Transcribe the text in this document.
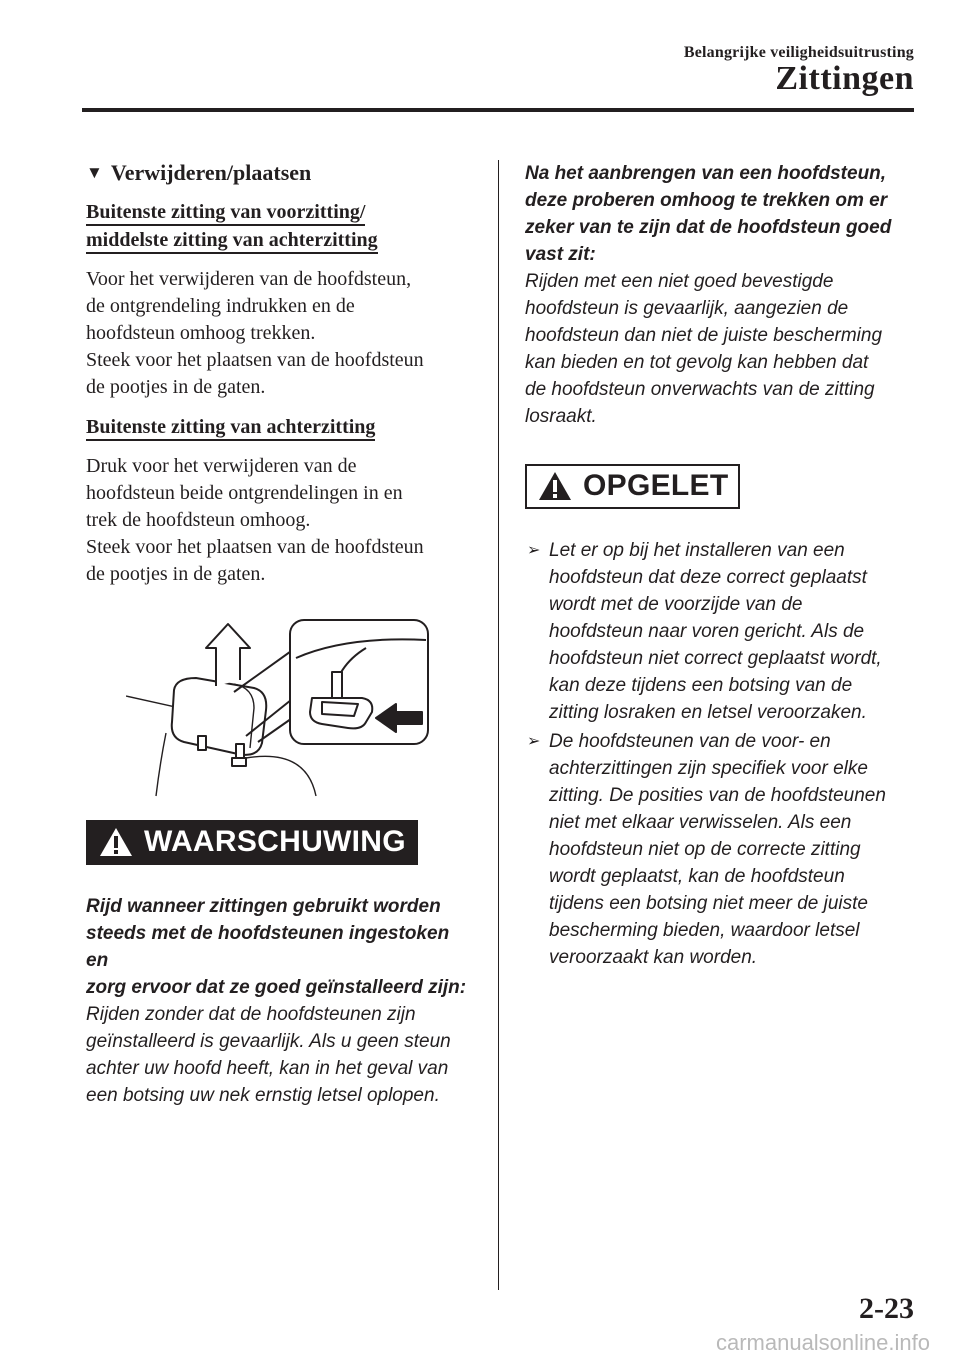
Belangrijke veiligheidsuitrusting
Zittingen
▼ Verwijderen/plaatsen
Buitenste zitting van voorzitting/
middelste zitting van achterzitting
Voor het verwijderen van de hoofdsteun,
de ontgrendeling indrukken en de
hoofdsteun omhoog trekken.
Steek voor het plaatsen van de hoofdsteun
de pootjes in de gaten.
Buitenste zitting van achterzitting
Druk voor het verwijderen van de
hoofdsteun beide ontgrendelingen in en
trek de hoofdsteun omhoog.
Steek voor het plaatsen van de hoofdsteun
de pootjes in de gaten.
WAARSCHUWING

Rijd wanneer zittingen gebruikt worden

steeds met de hoofdsteunen ingestoken en

zorg ervoor dat ze goed geïnstalleerd zijn:

Rijden zonder dat de hoofdsteunen zijn

geïnstalleerd is gevaarlijk. Als u geen steun

achter uw hoofd heeft, kan in het geval van

een botsing uw nek ernstig letsel oplopen.

Na het aanbrengen van een hoofdsteun,

deze proberen omhoog te trekken om er

zeker van te zijn dat de hoofdsteun goed

vast zit:

Rijden met een niet goed bevestigde

hoofdsteun is gevaarlijk, aangezien de

hoofdsteun dan niet de juiste bescherming

kan bieden en tot gevolg kan hebben dat

de hoofdsteun onverwachts van de zitting

losraakt.

OPGELET
➢ Let er op bij het installeren van een
hoofdsteun dat deze correct geplaatst
wordt met de voorzijde van de
hoofdsteun naar voren gericht. Als de
hoofdsteun niet correct geplaatst wordt,
kan deze tijdens een botsing van de
zitting losraken en letsel veroorzaken.
➢ De hoofdsteunen van de voor- en
achterzittingen zijn specifiek voor elke
zitting. De posities van de hoofdsteunen
niet met elkaar verwisselen. Als een
hoofdsteun niet op de correcte zitting
wordt geplaatst, kan de hoofdsteun
tijdens een botsing niet meer de juiste
bescherming bieden, waardoor letsel
veroorzaakt kan worden.
2-23
carmanualsonline.info
